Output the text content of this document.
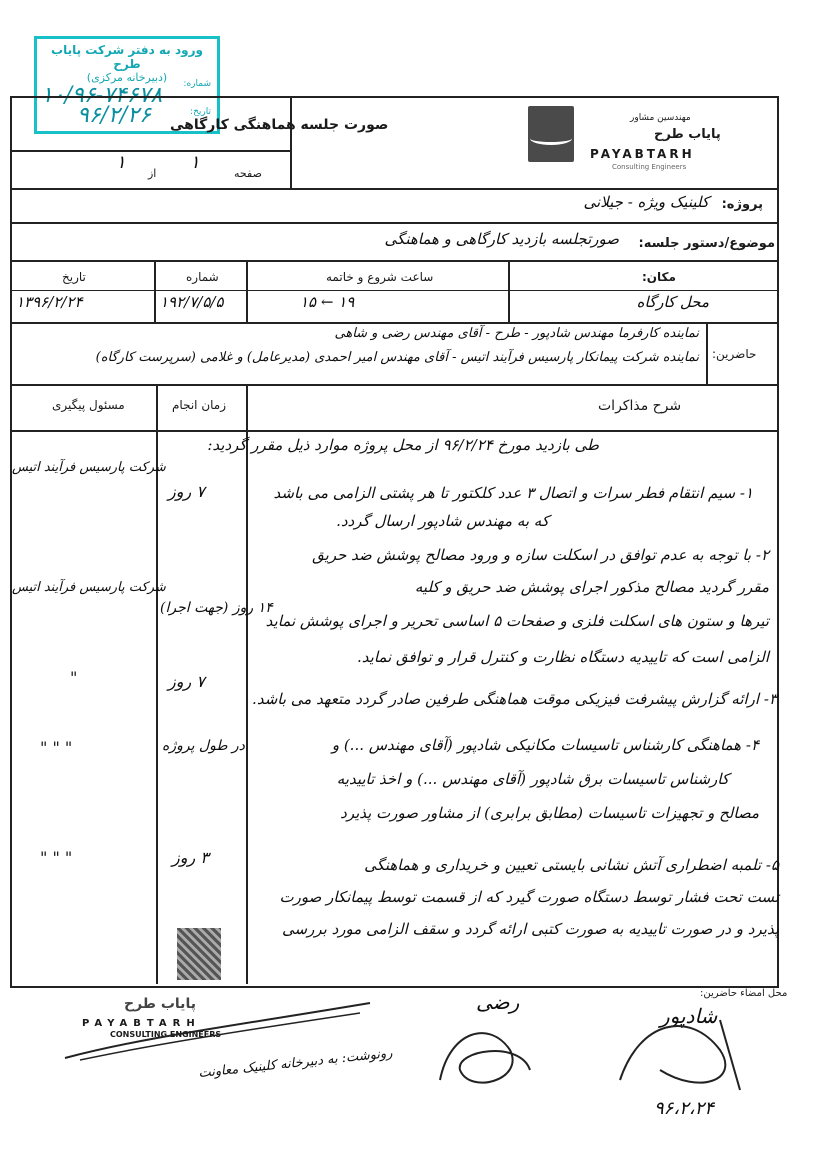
ورود به دفتر شرکت پایاب طرح
(دبیرخانه مرکزی)	شماره:
۱۰/۹۶-۷۴۶۷۸
تاریخ:
۹۶/۲/۲۶ صورت جلسه هماهنگی کارگاهی
صفحه
۱
از
۱
مهندسین مشاور
پایاب طرح
PAYABTARH
Consulting Engineers
پروژه:
کلینیک ویژه - جیلانی
موضوع/دستور جلسه:
صورتجلسه بازدید کارگاهی و هماهنگی
مکان:
محل کارگاه
ساعت شروع و خاتمه
۱۵ ← ۱۹
شماره
۱۹۲/۷/۵/۵
تاریخ
۱۳۹۶/۲/۲۴
حاضرین:
نماینده کارفرما مهندس شادپور - طرح - آقای مهندس رضی و شاهی
نماینده شرکت پیمانکار پارسیس فرآیند اتیس - آقای مهندس امیر احمدی (مدیرعامل) و غلامی (سرپرست کارگاه)
شرح مذاکرات
زمان انجام
مسئول پیگیری
طی بازدید مورخ ۹۶/۲/۲۴ از محل پروژه موارد ذیل مقرر گردید:
۱- سیم انتقام فطر سرات و اتصال ۳ عدد کلکتور تا هر پشتی الزامی می باشد
که به مهندس شادپور ارسال گردد.
۷ روز
شرکت پارسیس فرآیند اتیس
۲- با توجه به عدم توافق در اسکلت سازه و ورود مصالح پوشش ضد حریق
مقرر گردید مصالح مذکور اجرای پوشش ضد حریق و کلیه
تیرها و ستون های اسکلت فلزی و صفحات ۵ اساسی تحریر و اجرای پوشش نماید
الزامی است که تاییدیه دستگاه نظارت و کنترل قرار و توافق نماید.
۱۴ روز (جهت اجرا)
شرکت پارسیس فرآیند اتیس
۳- ارائه گزارش پیشرفت فیزیکی موقت هماهنگی طرفین صادر گردد متعهد می باشد.
۷ روز
"
۴- هماهنگی کارشناس تاسیسات مکانیکی شادپور (آقای مهندس ...) و
کارشناس تاسیسات برق شادپور (آقای مهندس ...) و اخذ تاییدیه
مصالح و تجهیزات تاسیسات (مطابق برابری) از مشاور صورت پذیرد
در طول پروژه
" " "
۵- تلمبه اضطراری آتش نشانی بایستی تعیین و خریداری و هماهنگی
تست تحت فشار توسط دستگاه صورت گیرد که از قسمت توسط پیمانکار صورت
پذیرد و در صورت تاییدیه به صورت کتبی ارائه گردد و سقف الزامی مورد بررسی
۳ روز
" " "
محل امضاء حاضرین:
پایاب طرح
PAYABTARH
CONSULTING ENGINEERS
رونوشت: به دبیرخانه کلینیک معاونت
رضی
شادپور
۹۶،۲،۲۴
